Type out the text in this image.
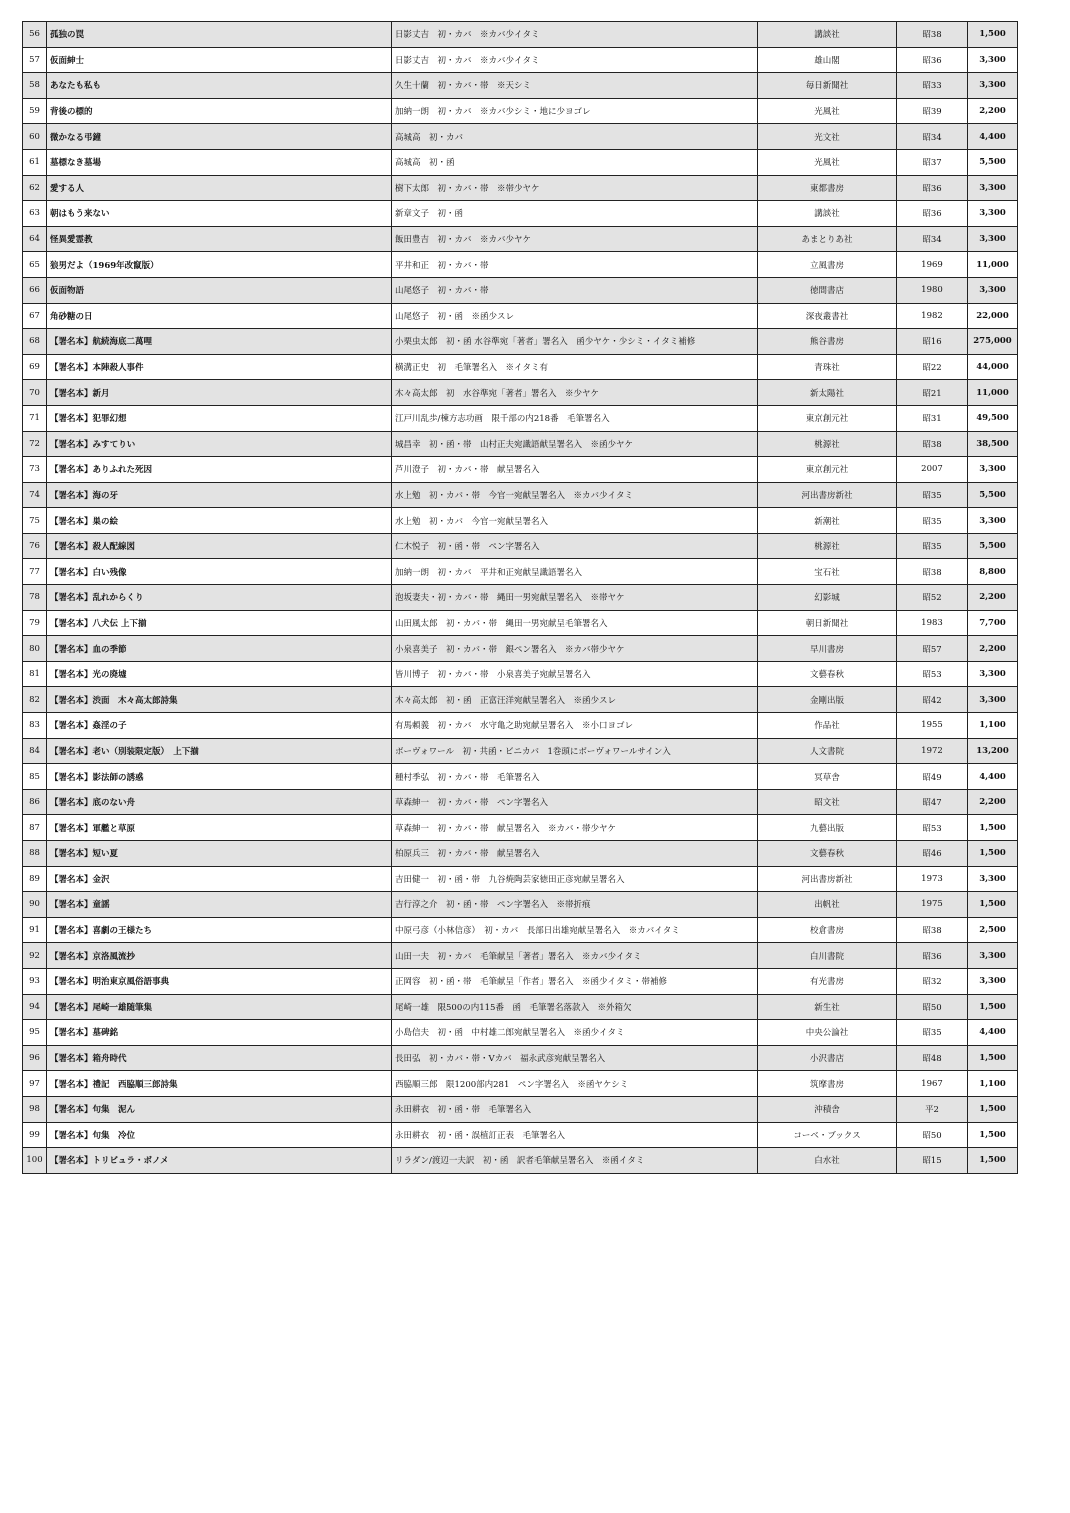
56	孤独の罠	日影丈吉　初・カバ　※カバ少イタミ	講談社	昭38	1,500
57	仮面紳士	日影丈吉　初・カバ　※カバ少イタミ	雄山閣	昭36	3,300
58	あなたも私も	久生十蘭　初・カバ・帯　※天シミ	毎日新聞社	昭33	3,300
59	背後の標的	加納一朗　初・カバ　※カバ少シミ・地に少ヨゴレ	光風社	昭39	2,200
60	微かなる弔鐘	高城高　初・カバ	光文社	昭34	4,400
61	墓標なき墓場	高城高　初・函	光風社	昭37	5,500
62	愛する人	樹下太郎　初・カバ・帯　※帯少ヤケ	東都書房	昭36	3,300
63	朝はもう来ない	新章文子　初・函	講談社	昭36	3,300
64	怪異愛霊教	飯田豊吉　初・カバ　※カバ少ヤケ	あまとりあ社	昭34	3,300
65	狼男だよ（1969年改竄版）	平井和正　初・カバ・帯	立風書房	1969	11,000
66	仮面物語	山尾悠子　初・カバ・帯	徳間書店	1980	3,300
67	角砂糖の日	山尾悠子　初・函　※函少スレ	深夜叢書社	1982	22,000
68	【署名本】航続海底二萬哩	小栗虫太郎　初・函 水谷準宛「著者」署名入　函少ヤケ・少シミ・イタミ補修	熊谷書房	昭16	275,000
69	【署名本】本陣殺人事件	横溝正史　初　毛筆署名入　※イタミ有	青珠社	昭22	44,000
70	【署名本】新月	木々高太郎　初　水谷準宛「著者」署名入　※少ヤケ	新太陽社	昭21	11,000
71	【署名本】犯罪幻想	江戸川乱歩/棟方志功画　限千部の内218番　毛筆署名入	東京創元社	昭31	49,500
72	【署名本】みすてりい	城昌幸　初・函・帯　山村正夫宛識語献呈署名入　※函少ヤケ	桃源社	昭38	38,500
73	【署名本】ありふれた死因	芦川澄子　初・カバ・帯　献呈署名入	東京創元社	2007	3,300
74	【署名本】海の牙	水上勉　初・カバ・帯　今官一宛献呈署名入　※カバ少イタミ	河出書房新社	昭35	5,500
75	【署名本】巣の絵	水上勉　初・カバ　今官一宛献呈署名入	新潮社	昭35	3,300
76	【署名本】殺人配線図	仁木悦子　初・函・帯　ペン字署名入	桃源社	昭35	5,500
77	【署名本】白い残像	加納一朗　初・カバ　平井和正宛献呈識語署名入	宝石社	昭38	8,800
78	【署名本】乱れからくり	泡坂妻夫・初・カバ・帯　縄田一男宛献呈署名入　※帯ヤケ	幻影城	昭52	2,200
79	【署名本】八犬伝 上下揃	山田風太郎　初・カバ・帯　縄田一男宛献呈毛筆署名入	朝日新聞社	1983	7,700
80	【署名本】血の季節	小泉喜美子　初・カバ・帯　銀ペン署名入　※カバ帯少ヤケ	早川書房	昭57	2,200
81	【署名本】光の廃墟	皆川博子　初・カバ・帯　小泉喜美子宛献呈署名入	文藝春秋	昭53	3,300
82	【署名本】渋面　木々高太郎詩集	木々高太郎　初・函　正富汪洋宛献呈署名入　※函少スレ	金剛出版	昭42	3,300
83	【署名本】姦淫の子	有馬頼義　初・カバ　水守亀之助宛献呈署名入　※小口ヨゴレ	作品社	1955	1,100
84	【署名本】老い（別装限定版）　上下揃	ボーヴォワール　初・共函・ビニカバ　1巻頭にボーヴォワールサイン入	人文書院	1972	13,200
85	【署名本】影法師の誘惑	種村季弘　初・カバ・帯　毛筆署名入	冥草舎	昭49	4,400
86	【署名本】底のない舟	草森紳一　初・カバ・帯　ペン字署名入	昭文社	昭47	2,200
87	【署名本】軍艦と草原	草森紳一　初・カバ・帯　献呈署名入　※カバ・帯少ヤケ	九藝出版	昭53	1,500
88	【署名本】短い夏	柏原兵三　初・カバ・帯　献呈署名入	文藝春秋	昭46	1,500
89	【署名本】金沢	吉田健一　初・函・帯　九谷焼陶芸家徳田正彦宛献呈署名入	河出書房新社	1973	3,300
90	【署名本】童謡	吉行淳之介　初・函・帯　ペン字署名入　※帯折痕	出帆社	1975	1,500
91	【署名本】喜劇の王様たち	中原弓彦（小林信彦）　初・カバ　長部日出雄宛献呈署名入　※カバイタミ	校倉書房	昭38	2,500
92	【署名本】京洛風流抄	山田一夫　初・カバ　毛筆献呈「著者」署名入　※カバ少イタミ	白川書院	昭36	3,300
93	【署名本】明治東京風俗語事典	正岡容　初・函・帯　毛筆献呈「作者」署名入　※函少イタミ・帯補修	有光書房	昭32	3,300
94	【署名本】尾崎一雄随筆集	尾崎一雄　限500の内115番　函　毛筆署名落款入　※外箱欠	新生社	昭50	1,500
95	【署名本】墓碑銘	小島信夫　初・函　中村雄二郎宛献呈署名入　※函少イタミ	中央公論社	昭35	4,400
96	【署名本】箱舟時代	長田弘　初・カバ・帯・Vカバ　福永武彦宛献呈署名入	小沢書店	昭48	1,500
97	【署名本】禮記　西脇順三郎詩集	西脇順三郎　限1200部内281　ペン字署名入　※函ヤケシミ	筑摩書房	1967	1,100
98	【署名本】句集　泥ん	永田耕衣　初・函・帯　毛筆署名入	沖積舎	平2	1,500
99	【署名本】句集　冷位	永田耕衣　初・函・誤植訂正表　毛筆署名入	コーベ・ブックス	昭50	1,500
100	【署名本】トリビュラ・ボノメ	リラダン/渡辺一夫訳　初・函　訳者毛筆献呈署名入　※函イタミ	白水社	昭15	1,500
